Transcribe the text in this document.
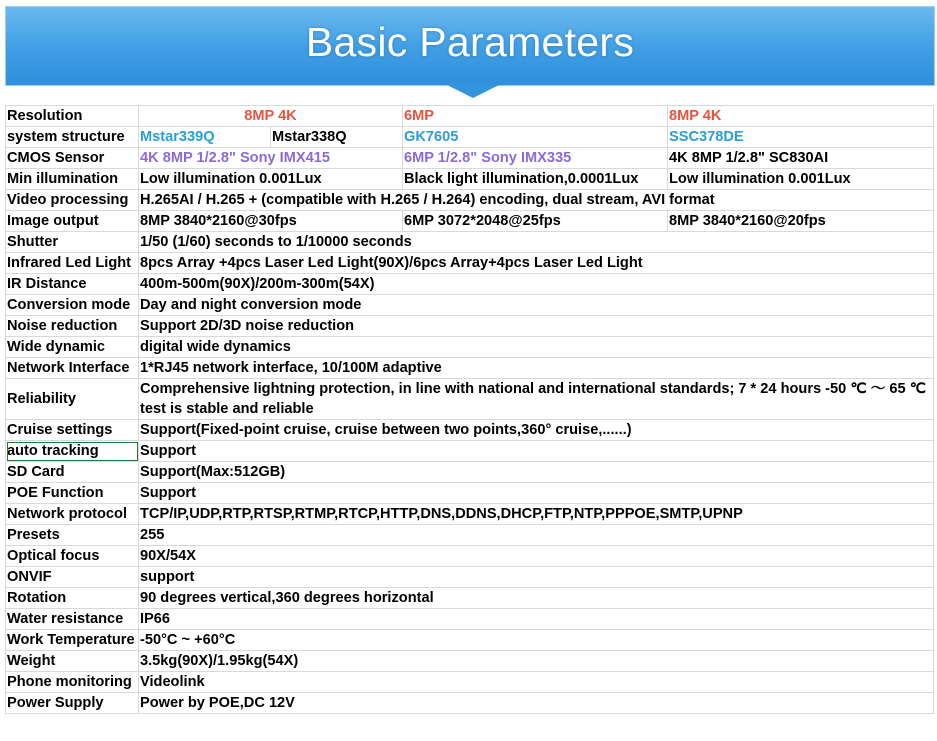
Basic Parameters
Resolution	8MP 4K		6MP	8MP 4K
system structure	Mstar339Q	Mstar338Q	GK7605	SSC378DE
CMOS Sensor	4K 8MP 1/2.8" Sony IMX415		6MP 1/2.8" Sony IMX335	4K 8MP 1/2.8" SC830AI
Min illumination	Low illumination 0.001Lux		Black light illumination,0.0001Lux	Low illumination 0.001Lux
Video processing	H.265AI / H.265 + (compatible with H.265 / H.264) encoding, dual stream, AVI format			
Image output	8MP 3840*2160@30fps		6MP 3072*2048@25fps	8MP 3840*2160@20fps
Shutter	1/50 (1/60) seconds to 1/10000 seconds			
Infrared Led Light	8pcs Array +4pcs Laser Led Light(90X)/6pcs Array+4pcs Laser Led Light			
IR Distance	400m-500m(90X)/200m-300m(54X)			
Conversion mode	Day and night conversion mode			
Noise reduction	Support 2D/3D noise reduction			
Wide dynamic	digital wide dynamics			
Network Interface	1*RJ45 network interface, 10/100M adaptive			
Reliability	Comprehensive lightning protection, in line with national and international standards; 7 * 24 hours -50 ℃ ～ 65 ℃ test is stable and reliable			
Cruise settings	Support(Fixed-point cruise, cruise between two points,360° cruise,......)			
auto tracking	Support			
SD Card	Support(Max:512GB)			
POE Function	Support			
Network protocol	TCP/IP,UDP,RTP,RTSP,RTMP,RTCP,HTTP,DNS,DDNS,DHCP,FTP,NTP,PPPOE,SMTP,UPNP			
Presets	255			
Optical focus	90X/54X			
ONVIF	support			
Rotation	90 degrees vertical,360 degrees horizontal			
Water resistance	IP66			
Work Temperature	-50°C ~ +60°C			
Weight	3.5kg(90X)/1.95kg(54X)			
Phone monitoring	Videolink			
Power Supply	Power by POE,DC 12V			
